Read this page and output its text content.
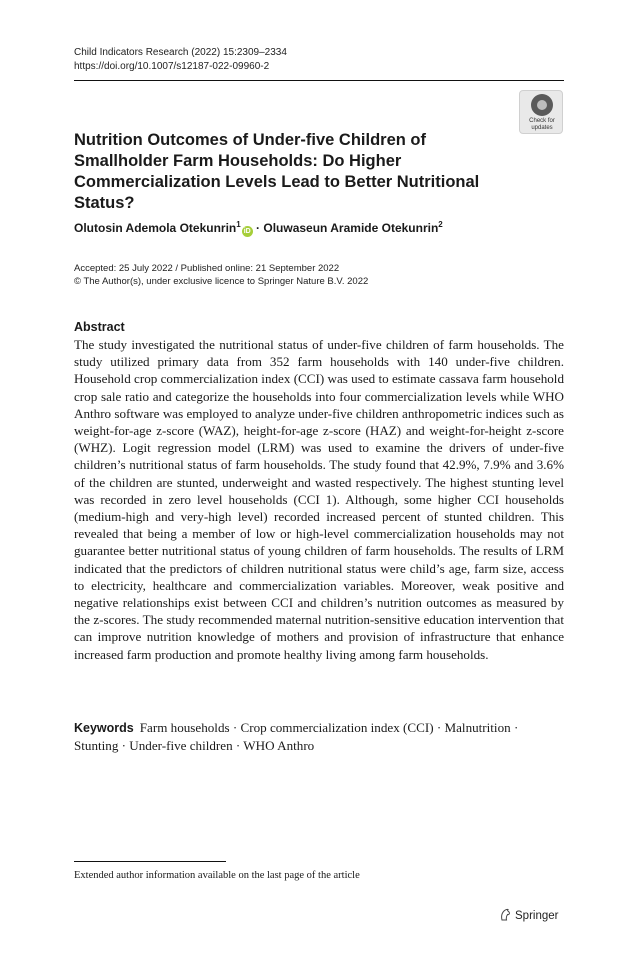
Child Indicators Research (2022) 15:2309–2334
https://doi.org/10.1007/s12187-022-09960-2
Check for
updates
Nutrition Outcomes of Under-five Children of Smallholder Farm Households: Do Higher Commercialization Levels Lead to Better Nutritional Status?
Olutosin Ademola Otekunrin$^1$iD · Oluwaseun Aramide Otekunrin$^2$
Accepted: 25 July 2022 / Published online: 21 September 2022
© The Author(s), under exclusive licence to Springer Nature B.V. 2022
Abstract
The study investigated the nutritional status of under-five children of farm households. The study utilized primary data from 352 farm households with 140 under-five children. Household crop commercialization index (CCI) was used to estimate cassava farm household crop sale ratio and categorize the households into four commercialization levels while WHO Anthro software was employed to analyze under-five children anthropometric indices such as weight-for-age z-score (WAZ), height-for-age z-score (HAZ) and weight-for-height z-score (WHZ). Logit regression model (LRM) was used to examine the drivers of under-five children’s nutritional status of farm households. The study found that 42.9%, 7.9% and 3.6% of the children are stunted, underweight and wasted respectively. The highest stunting level was recorded in zero level households (CCI 1). Although, some higher CCI households (medium-high and very-high level) recorded increased percent of stunted children. This revealed that being a member of low or high-level commercialization households may not guarantee better nutritional status of young children of farm households. The results of LRM indicated that the predictors of children nutritional status were child’s age, farm size, access to electricity, healthcare and commercialization variables. Moreover, weak positive and negative relationships exist between CCI and children’s nutrition outcomes as measured by the z-scores. The study recommended maternal nutrition-sensitive education intervention that can improve nutrition knowledge of mothers and provision of infrastructure that enhance increased farm production and promote healthy living among farm households.
Keywords Farm households · Crop commercialization index (CCI) · Malnutrition · Stunting · Under-five children · WHO Anthro
Extended author information available on the last page of the article
Springer
